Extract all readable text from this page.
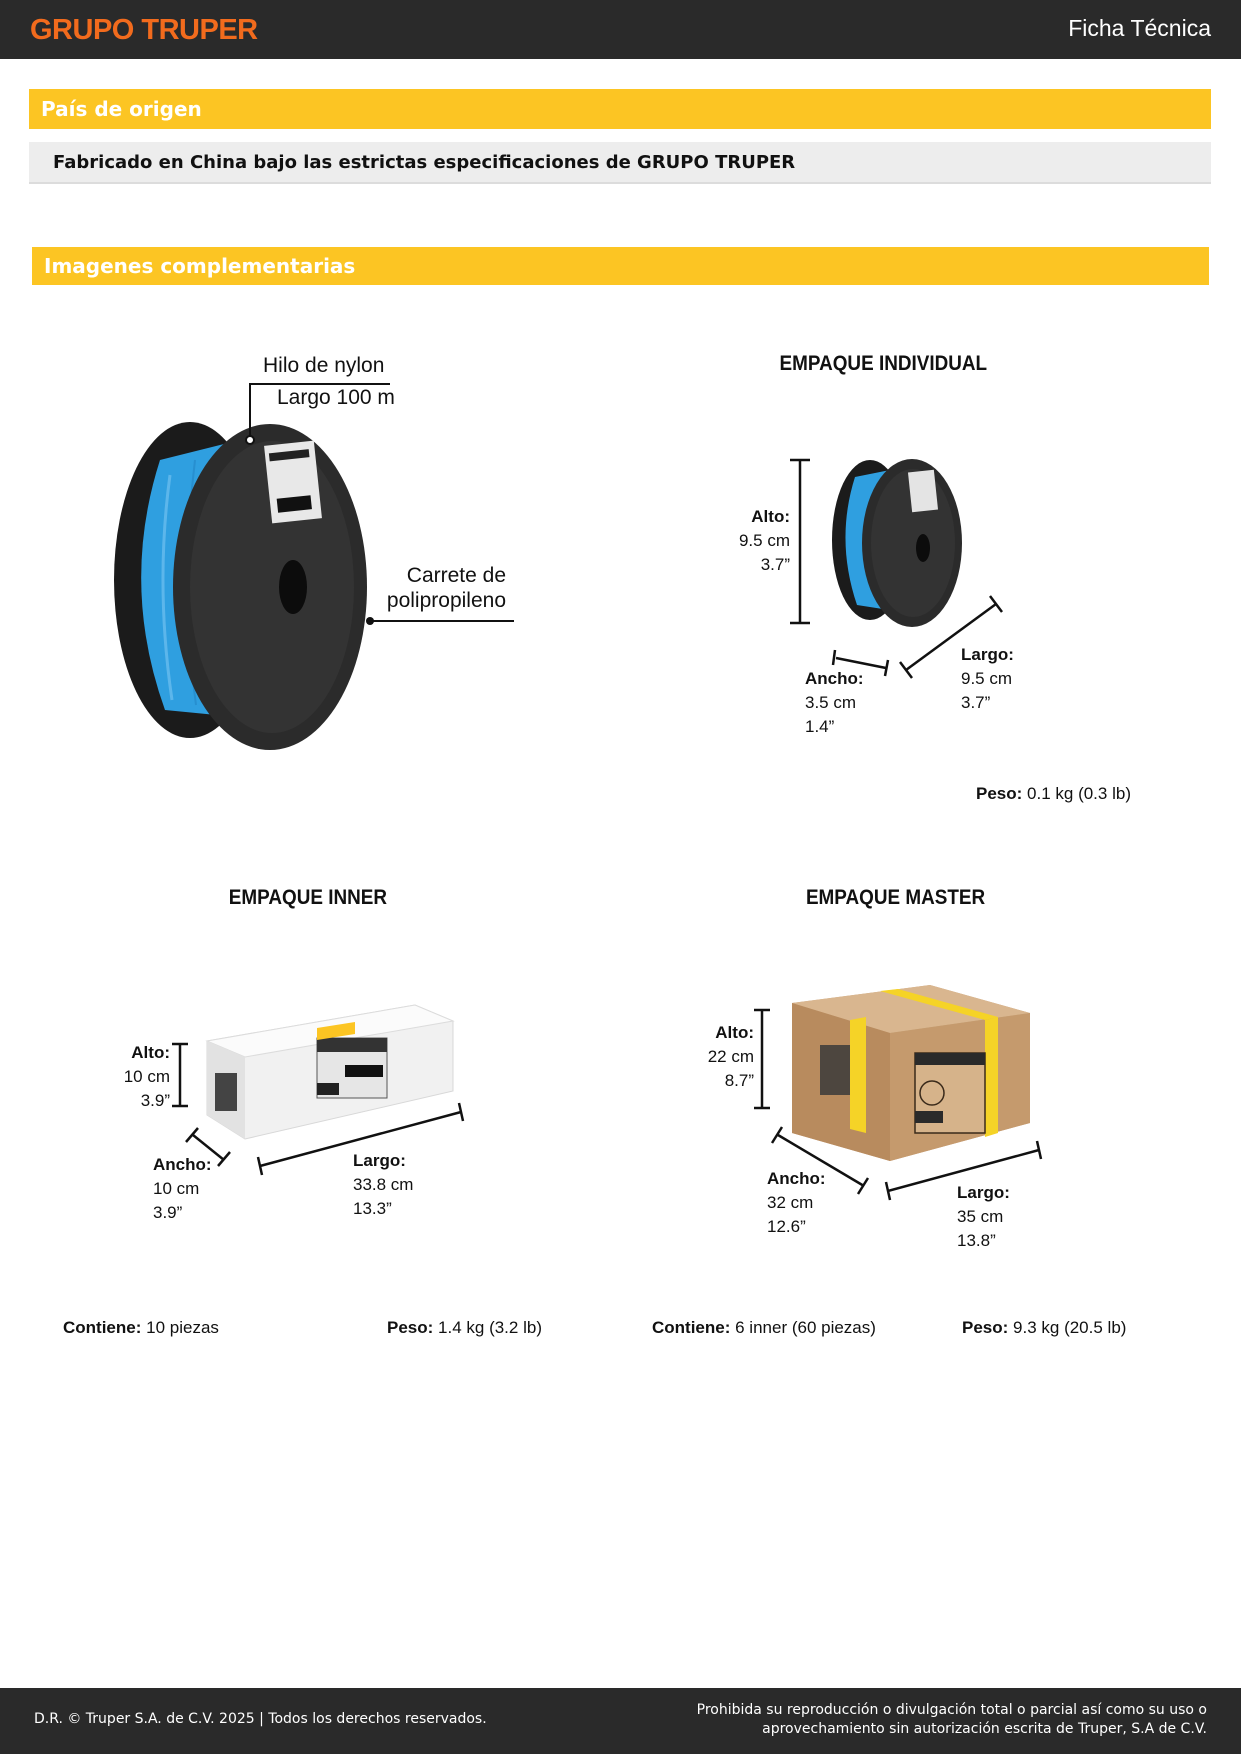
GRUPO TRUPER	Ficha Técnica
País de origen
Fabricado en China bajo las estrictas especificaciones de GRUPO TRUPER
Imagenes complementarias
Hilo de nylon
Largo 100 m
Carrete de
polipropileno
EMPAQUE INDIVIDUAL
Alto:
9.5 cm
3.7”
Ancho:
3.5 cm
1.4”
Largo:
9.5 cm
3.7”
Peso: 0.1 kg (0.3 lb)
EMPAQUE INNER
Alto:
10 cm
3.9”
Ancho:
10 cm
3.9”
Largo:
33.8 cm
13.3”
Contiene: 10 piezas	Peso: 1.4 kg (3.2 lb)
EMPAQUE MASTER
Alto:
22 cm
8.7”
Ancho:
32 cm
12.6”
Largo:
35 cm
13.8”
Contiene: 6 inner (60 piezas)	Peso: 9.3 kg (20.5 lb)
D.R. © Truper S.A. de C.V. 2025 | Todos los derechos reservados.
Prohibida su reproducción o divulgación total o parcial así como su uso o
aprovechamiento sin autorización escrita de Truper, S.A de C.V.
